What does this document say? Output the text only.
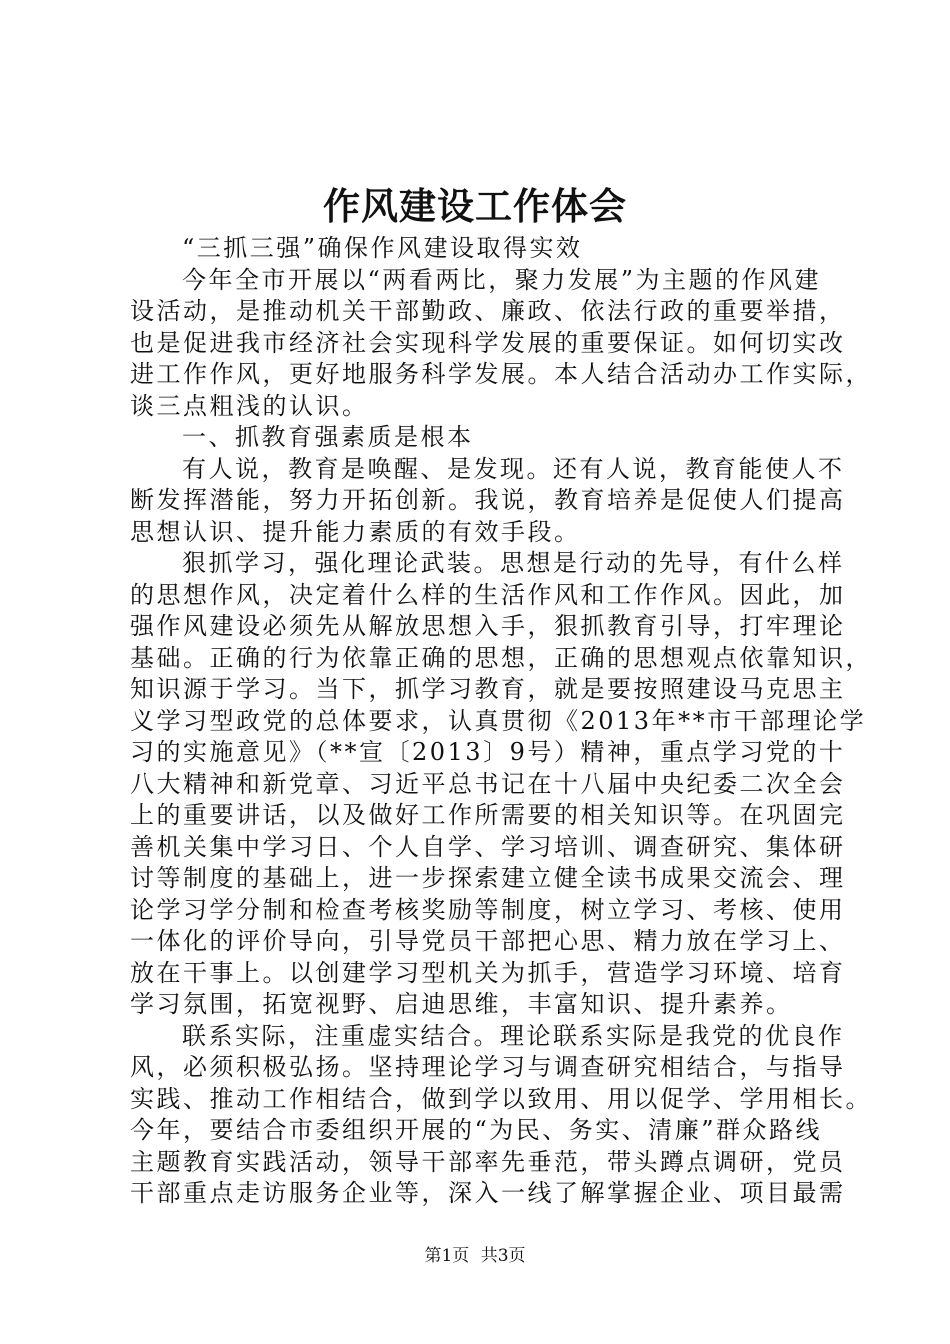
作风建设工作体会
“三抓三强”确保作风建设取得实效
今年全市开展以“两看两比，聚力发展”为主题的作风建
设活动，是推动机关干部勤政、廉政、依法行政的重要举措，
也是促进我市经济社会实现科学发展的重要保证。如何切实改
进工作作风，更好地服务科学发展。本人结合活动办工作实际，
谈三点粗浅的认识。
一、抓教育强素质是根本
有人说，教育是唤醒、是发现。还有人说，教育能使人不
断发挥潜能，努力开拓创新。我说，教育培养是促使人们提高
思想认识、提升能力素质的有效手段。
狠抓学习，强化理论武装。思想是行动的先导，有什么样
的思想作风，决定着什么样的生活作风和工作作风。因此，加
强作风建设必须先从解放思想入手，狠抓教育引导，打牢理论
基础。正确的行为依靠正确的思想，正确的思想观点依靠知识，
知识源于学习。当下，抓学习教育，就是要按照建设马克思主
义学习型政党的总体要求，认真贯彻《2013年**市干部理论学
习的实施意见》（**宣〔2013〕9号）精神，重点学习党的十
八大精神和新党章、习近平总书记在十八届中央纪委二次全会
上的重要讲话，以及做好工作所需要的相关知识等。在巩固完
善机关集中学习日、个人自学、学习培训、调查研究、集体研
讨等制度的基础上，进一步探索建立健全读书成果交流会、理
论学习学分制和检查考核奖励等制度，树立学习、考核、使用
一体化的评价导向，引导党员干部把心思、精力放在学习上、
放在干事上。以创建学习型机关为抓手，营造学习环境、培育
学习氛围，拓宽视野、启迪思维，丰富知识、提升素养。
联系实际，注重虚实结合。理论联系实际是我党的优良作
风，必须积极弘扬。坚持理论学习与调查研究相结合，与指导
实践、推动工作相结合，做到学以致用、用以促学、学用相长。
今年，要结合市委组织开展的“为民、务实、清廉”群众路线
主题教育实践活动，领导干部率先垂范，带头蹲点调研，党员
干部重点走访服务企业等，深入一线了解掌握企业、项目最需
第1页 共3页
